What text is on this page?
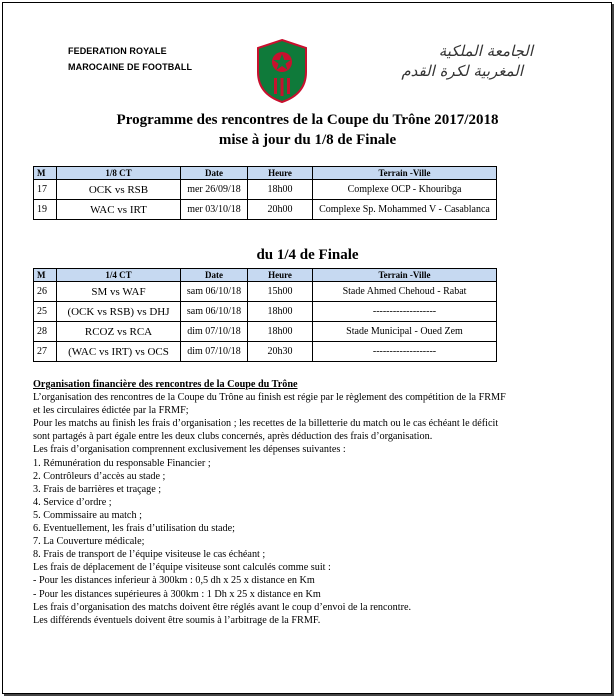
FEDERATION ROYALE
MAROCAINE DE FOOTBALL
الجامعة الملكية
المغربية لكرة القدم
Programme des rencontres de la Coupe du Trône 2017/2018
mise à jour du 1/8 de Finale
M	1/8 CT	Date	Heure	Terrain -Ville
17	OCK vs RSB	mer 26/09/18	18h00	Complexe OCP - Khouribga
19	WAC vs IRT	mer 03/10/18	20h00	Complexe Sp. Mohammed V - Casablanca
du 1/4 de Finale
M	1/4 CT	Date	Heure	Terrain -Ville
26	SM vs WAF	sam 06/10/18	15h00	Stade Ahmed Chehoud - Rabat
25	(OCK vs RSB) vs DHJ	sam 06/10/18	18h00	-------------------
28	RCOZ vs RCA	dim 07/10/18	18h00	Stade Municipal - Oued Zem
27	(WAC vs IRT) vs OCS	dim 07/10/18	20h30	-------------------
Organisation financière des rencontres de la Coupe du Trône
L’organisation des rencontres de la Coupe du Trône au finish est régie par le règlement des compétition de la FRMF
et les circulaires édictée par la FRMF;
Pour les matchs au finish les frais d’organisation ; les recettes de la billetterie du match ou le cas échéant le déficit
sont partagés à part égale entre les deux clubs concernés, après déduction des frais d’organisation.
Les frais d’organisation comprennent exclusivement les dépenses suivantes :
1. Rémunération du responsable Financier ;
2. Contrôleurs d’accès au stade ;
3. Frais de barrières et traçage ;
4. Service d’ordre ;
5. Commissaire au match ;
6. Eventuellement, les frais d’utilisation du stade;
7. La Couverture médicale;
8. Frais de transport de l’équipe visiteuse le cas échéant ;
Les frais de déplacement de l’équipe visiteuse sont calculés comme suit :
- Pour les distances inferieur à 300km : 0,5 dh x 25 x distance en Km
- Pour les distances supérieures à 300km : 1 Dh x 25 x distance en Km
Les frais d’organisation des matchs doivent être réglés avant le coup d’envoi de la rencontre.
Les différends éventuels doivent être soumis à l’arbitrage de la FRMF.
